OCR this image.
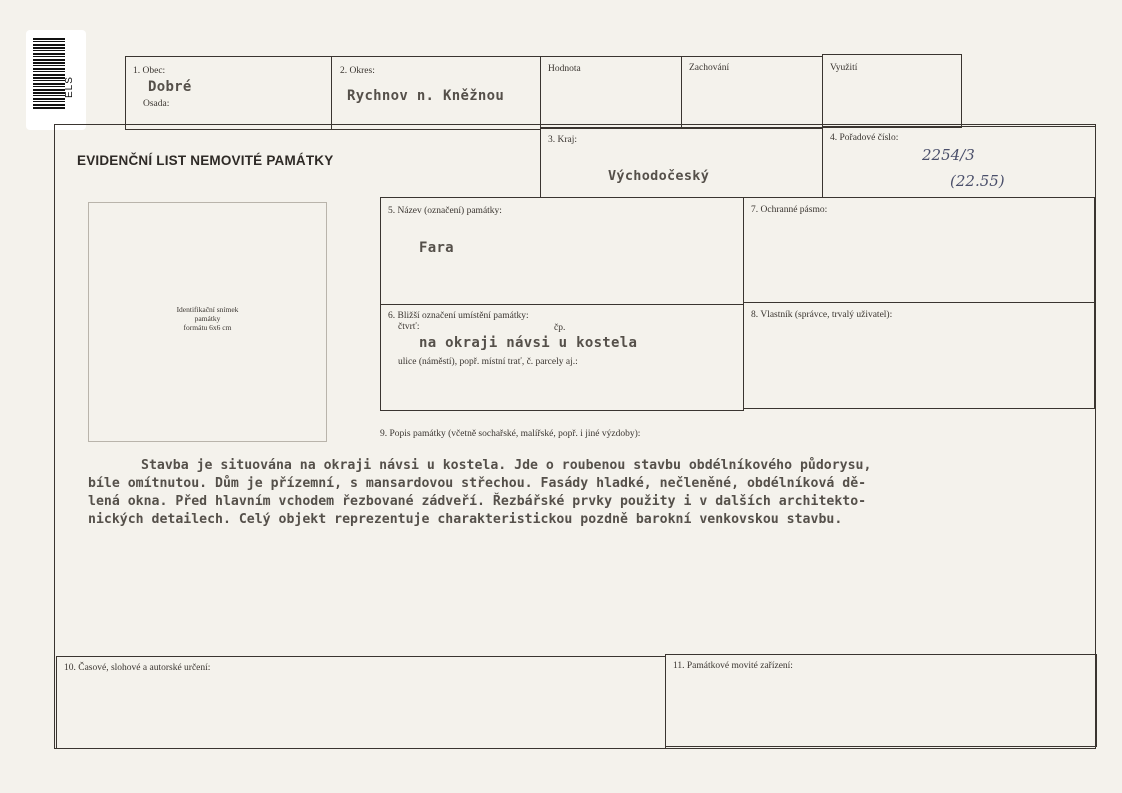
ELS
1. Obec:
Dobré
Osada:
2. Okres:
Rychnov n. Kněžnou
Hodnota	Zachování	Využití
EVIDENČNÍ LIST NEMOVITÉ PAMÁTKY
3. Kraj:
Východočeský
4. Pořadové číslo:
2254/3
(22.55)
Identifikační snímek
památky
formátu 6x6 cm
5. Název (označení) památky:
Fara
7. Ochranné pásmo:
6. Bližší označení umístění památky:
čtvrť:	čp.
na okraji návsi u kostela
ulice (náměstí), popř. místní trať, č. parcely aj.:
8. Vlastník (správce, trvalý uživatel):
9. Popis památky (včetně sochařské, malířské, popř. i jiné výzdoby):
Stavba je situována na okraji návsi u kostela. Jde o roubenou stavbu obdélníkového půdorysu,
bíle omítnutou. Dům je přízemní, s mansardovou střechou. Fasády hladké, nečleněné, obdélníková dě-
lená okna. Před hlavním vchodem řezbované zádveří. Řezbářské prvky použity i v dalších architekto-
nických detailech. Celý objekt reprezentuje charakteristickou pozdně barokní venkovskou stavbu.
10. Časové, slohové a autorské určení:	11. Památkové movité zařízení:
